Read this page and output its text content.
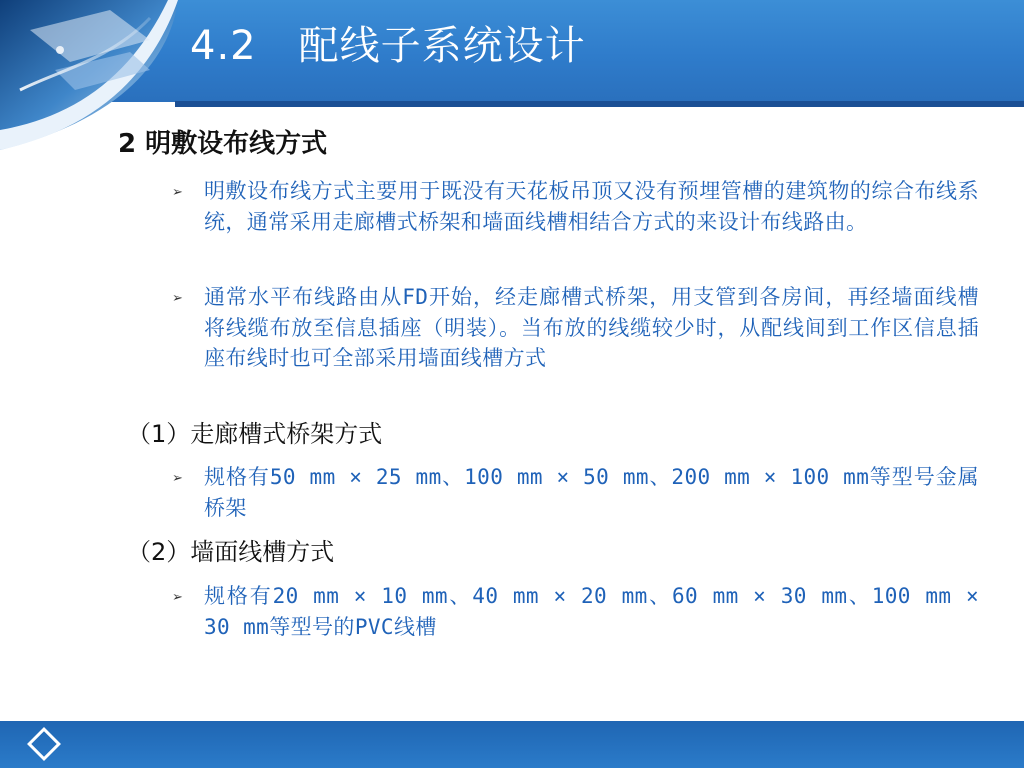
4.2 配线子系统设计
2 明敷设布线方式
➢ 明敷设布线方式主要用于既没有天花板吊顶又没有预埋管槽的建筑物的综合布线系统，通常采用走廊槽式桥架和墙面线槽相结合方式的来设计布线路由。
➢ 通常水平布线路由从FD开始，经走廊槽式桥架，用支管到各房间，再经墙面线槽将线缆布放至信息插座（明装）。当布放的线缆较少时，从配线间到工作区信息插座布线时也可全部采用墙面线槽方式
（1）走廊槽式桥架方式
➢ 规格有50 mm × 25 mm、100 mm × 50 mm、200 mm × 100 mm等型号金属桥架
（2）墙面线槽方式
➢ 规格有20 mm × 10 mm、40 mm × 20 mm、60 mm × 30 mm、100 mm × 30 mm等型号的PVC线槽
